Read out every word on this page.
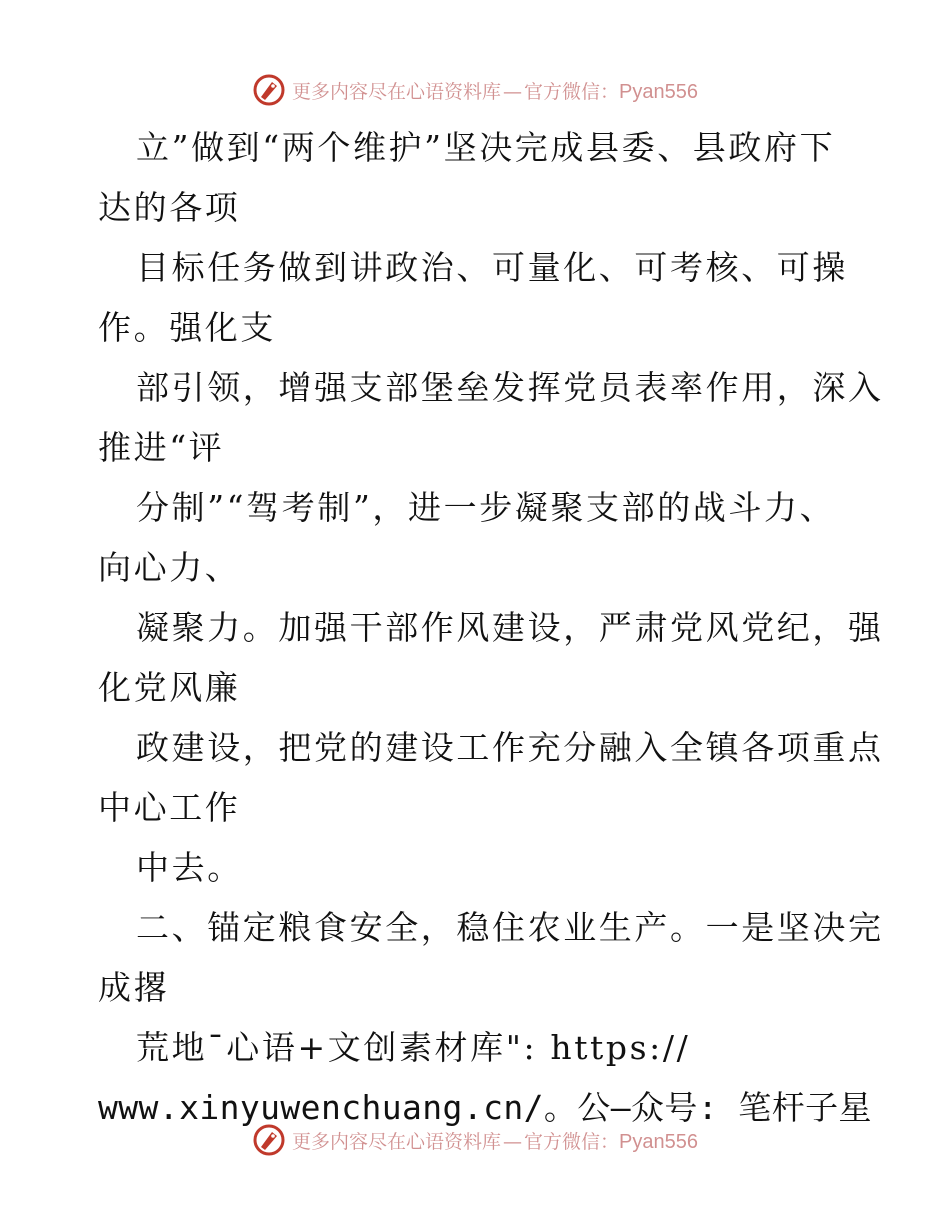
更多内容尽在心语资料库 — 官方微信：Pyan556
立”做到“两个维护”坚决完成县委、县政府下
达的各项
目标任务做到讲政治、可量化、可考核、可操
作。强化支
部引领，增强支部堡垒发挥党员表率作用，深入
推进“评
分制”“驾考制”，进一步凝聚支部的战斗力、
向心力、
凝聚力。加强干部作风建设，严肃党风党纪，强
化党风廉
政建设，把党的建设工作充分融入全镇各项重点
中心工作
中去。
二、锚定粮食安全，稳住农业生产。一是坚决完
成撂
荒地¯心语+文创素材库": https://
www.xinyuwenchuang.cn/。公—众号: 笔杆子星
更多内容尽在心语资料库 — 官方微信：Pyan556
